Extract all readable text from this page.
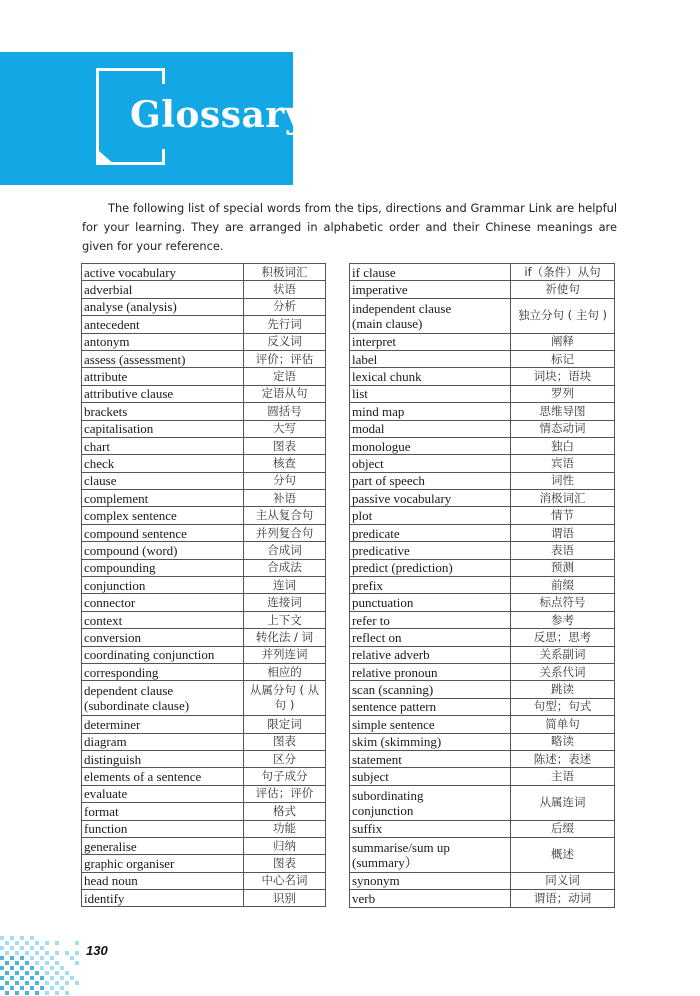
Glossary

The following list of special words from the tips, directions and Grammar Link are helpful for your learning. They are arranged in alphabetic order and their Chinese meanings are given for your reference.

active vocabulary	积极词汇
adverbial	状语
analyse (analysis)	分析
antecedent	先行词
antonym	反义词
assess (assessment)	评价；评估
attribute	定语
attributive clause	定语从句
brackets	圆括号
capitalisation	大写
chart	图表
check	核查
clause	分句
complement	补语
complex sentence	主从复合句
compound sentence	并列复合句
compound (word)	合成词
compounding	合成法
conjunction	连词
connector	连接词
context	上下文
conversion	转化法 / 词
coordinating conjunction	并列连词
corresponding	相应的
dependent clause
(subordinate clause)	从属分句 ( 从句 )
determiner	限定词
diagram	图表
distinguish	区分
elements of a sentence	句子成分
evaluate	评估；评价
format	格式
function	功能
generalise	归纳
graphic organiser	图表
head noun	中心名词
identify	识别
if clause	if（条件）从句
imperative	祈使句
independent clause
(main clause)	独立分句 ( 主句 )
interpret	阐释
label	标记
lexical chunk	词块；语块
list	罗列
mind map	思维导图
modal	情态动词
monologue	独白
object	宾语
part of speech	词性
passive vocabulary	消极词汇
plot	情节
predicate	谓语
predicative	表语
predict (prediction)	预测
prefix	前缀
punctuation	标点符号
refer to	参考
reflect on	反思；思考
relative adverb	关系副词
relative pronoun	关系代词
scan (scanning)	跳读
sentence pattern	句型；句式
simple sentence	简单句
skim (skimming)	略读
statement	陈述；表述
subject	主语
subordinating
conjunction	从属连词
suffix	后缀
summarise/sum up
(summary）	概述
synonym	同义词
verb	谓语；动词
130
